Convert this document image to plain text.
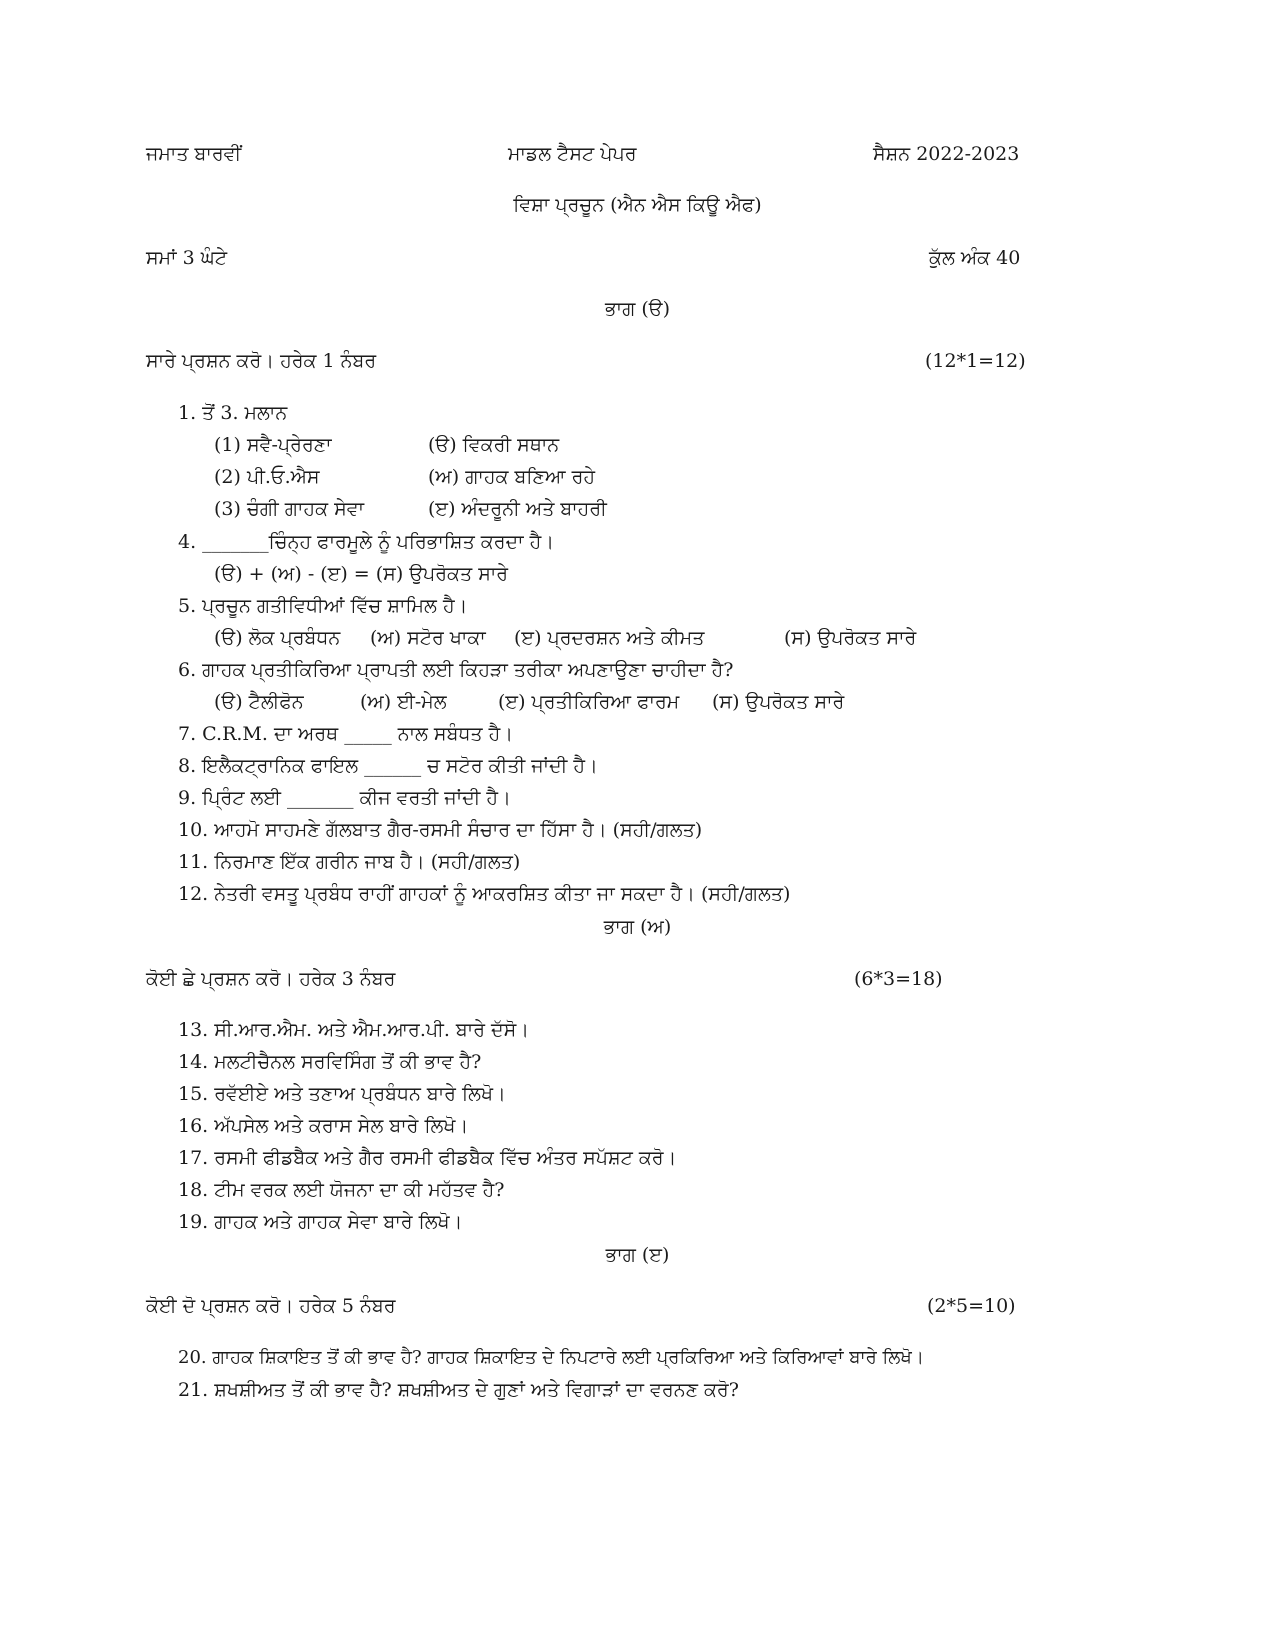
ਜਮਾਤ ਬਾਰਵੀਂ	ਮਾਡਲ ਟੈਸਟ ਪੇਪਰ	ਸੈਸ਼ਨ 2022-2023
ਵਿਸ਼ਾ ਪ੍ਰਚੂਨ (ਐਨ ਐਸ ਕਿਊ ਐਫ)
ਸਮਾਂ 3 ਘੰਟੇ	ਕੁੱਲ ਅੰਕ 40
ਭਾਗ (ੳ)
ਸਾਰੇ ਪ੍ਰਸ਼ਨ ਕਰੋ। ਹਰੇਕ 1 ਨੰਬਰ	(12*1=12)
1. ਤੋਂ 3. ਮਲਾਨ
(1) ਸਵੈ-ਪ੍ਰੇਰਣਾ	(ੳ) ਵਿਕਰੀ ਸਥਾਨ
(2) ਪੀ.ਓ.ਐਸ	(ਅ) ਗਾਹਕ ਬਣਿਆ ਰਹੇ
(3) ਚੰਗੀ ਗਾਹਕ ਸੇਵਾ	(ੲ) ਅੰਦਰੂਨੀ ਅਤੇ ਬਾਹਰੀ
4. _______ਚਿੰਨ੍ਹ ਫਾਰਮੂਲੇ ਨੂੰ ਪਰਿਭਾਸ਼ਿਤ ਕਰਦਾ ਹੈ।
(ੳ) + (ਅ) - (ੲ) = (ਸ) ਉਪਰੋਕਤ ਸਾਰੇ
5. ਪ੍ਰਚੂਨ ਗਤੀਵਿਧੀਆਂ ਵਿੱਚ ਸ਼ਾਮਿਲ ਹੈ।
(ੳ) ਲੋਕ ਪ੍ਰਬੰਧਨ (ਅ) ਸਟੋਰ ਖਾਕਾ (ੲ) ਪ੍ਰਦਰਸ਼ਨ ਅਤੇ ਕੀਮਤ	(ਸ) ਉਪਰੋਕਤ ਸਾਰੇ
6. ਗਾਹਕ ਪ੍ਰਤੀਕਿਰਿਆ ਪ੍ਰਾਪਤੀ ਲਈ ਕਿਹੜਾ ਤਰੀਕਾ ਅਪਣਾਉਣਾ ਚਾਹੀਦਾ ਹੈ?
(ੳ) ਟੈਲੀਫੋਨ	(ਅ) ਈ-ਮੇਲ	(ੲ) ਪ੍ਰਤੀਕਿਰਿਆ ਫਾਰਮ (ਸ) ਉਪਰੋਕਤ ਸਾਰੇ
7. C.R.M. ਦਾ ਅਰਥ _____ ਨਾਲ ਸਬੰਧਤ ਹੈ।
8. ਇਲੈਕਟ੍ਰਾਨਿਕ ਫਾਇਲ ______ ਚ ਸਟੋਰ ਕੀਤੀ ਜਾਂਦੀ ਹੈ।
9. ਪ੍ਰਿੰਟ ਲਈ _______ ਕੀਜ ਵਰਤੀ ਜਾਂਦੀ ਹੈ।
10. ਆਹਮੋ ਸਾਹਮਣੇ ਗੱਲਬਾਤ ਗੈਰ-ਰਸਮੀ ਸੰਚਾਰ ਦਾ ਹਿੱਸਾ ਹੈ। (ਸਹੀ/ਗਲਤ)
11. ਨਿਰਮਾਣ ਇੱਕ ਗਰੀਨ ਜਾਬ ਹੈ। (ਸਹੀ/ਗਲਤ)
12. ਨੇਤਰੀ ਵਸਤੂ ਪ੍ਰਬੰਧ ਰਾਹੀਂ ਗਾਹਕਾਂ ਨੂੰ ਆਕਰਸ਼ਿਤ ਕੀਤਾ ਜਾ ਸਕਦਾ ਹੈ। (ਸਹੀ/ਗਲਤ)
ਭਾਗ (ਅ)
ਕੋਈ ਛੇ ਪ੍ਰਸ਼ਨ ਕਰੋ। ਹਰੇਕ 3 ਨੰਬਰ	(6*3=18)
13. ਸੀ.ਆਰ.ਐਮ. ਅਤੇ ਐਮ.ਆਰ.ਪੀ. ਬਾਰੇ ਦੱਸੋ।
14. ਮਲਟੀਚੈਨਲ ਸਰਵਿਸਿੰਗ ਤੋਂ ਕੀ ਭਾਵ ਹੈ?
15. ਰਵੱਈਏ ਅਤੇ ਤਣਾਅ ਪ੍ਰਬੰਧਨ ਬਾਰੇ ਲਿਖੋ।
16. ਅੱਪਸੇਲ ਅਤੇ ਕਰਾਸ ਸੇਲ ਬਾਰੇ ਲਿਖੋ।
17. ਰਸਮੀ ਫੀਡਬੈਕ ਅਤੇ ਗੈਰ ਰਸਮੀ ਫੀਡਬੈਕ ਵਿੱਚ ਅੰਤਰ ਸਪੱਸ਼ਟ ਕਰੋ।
18. ਟੀਮ ਵਰਕ ਲਈ ਯੋਜਨਾ ਦਾ ਕੀ ਮਹੱਤਵ ਹੈ?
19. ਗਾਹਕ ਅਤੇ ਗਾਹਕ ਸੇਵਾ ਬਾਰੇ ਲਿਖੋ।
ਭਾਗ (ੲ)
ਕੋਈ ਦੋ ਪ੍ਰਸ਼ਨ ਕਰੋ। ਹਰੇਕ 5 ਨੰਬਰ	(2*5=10)
20. ਗਾਹਕ ਸ਼ਿਕਾਇਤ ਤੋਂ ਕੀ ਭਾਵ ਹੈ? ਗਾਹਕ ਸ਼ਿਕਾਇਤ ਦੇ ਨਿਪਟਾਰੇ ਲਈ ਪ੍ਰਕਿਰਿਆ ਅਤੇ ਕਿਰਿਆਵਾਂ ਬਾਰੇ ਲਿਖੋ।
21. ਸ਼ਖਸ਼ੀਅਤ ਤੋਂ ਕੀ ਭਾਵ ਹੈ? ਸ਼ਖਸ਼ੀਅਤ ਦੇ ਗੁਣਾਂ ਅਤੇ ਵਿਗਾੜਾਂ ਦਾ ਵਰਨਣ ਕਰੋ?
